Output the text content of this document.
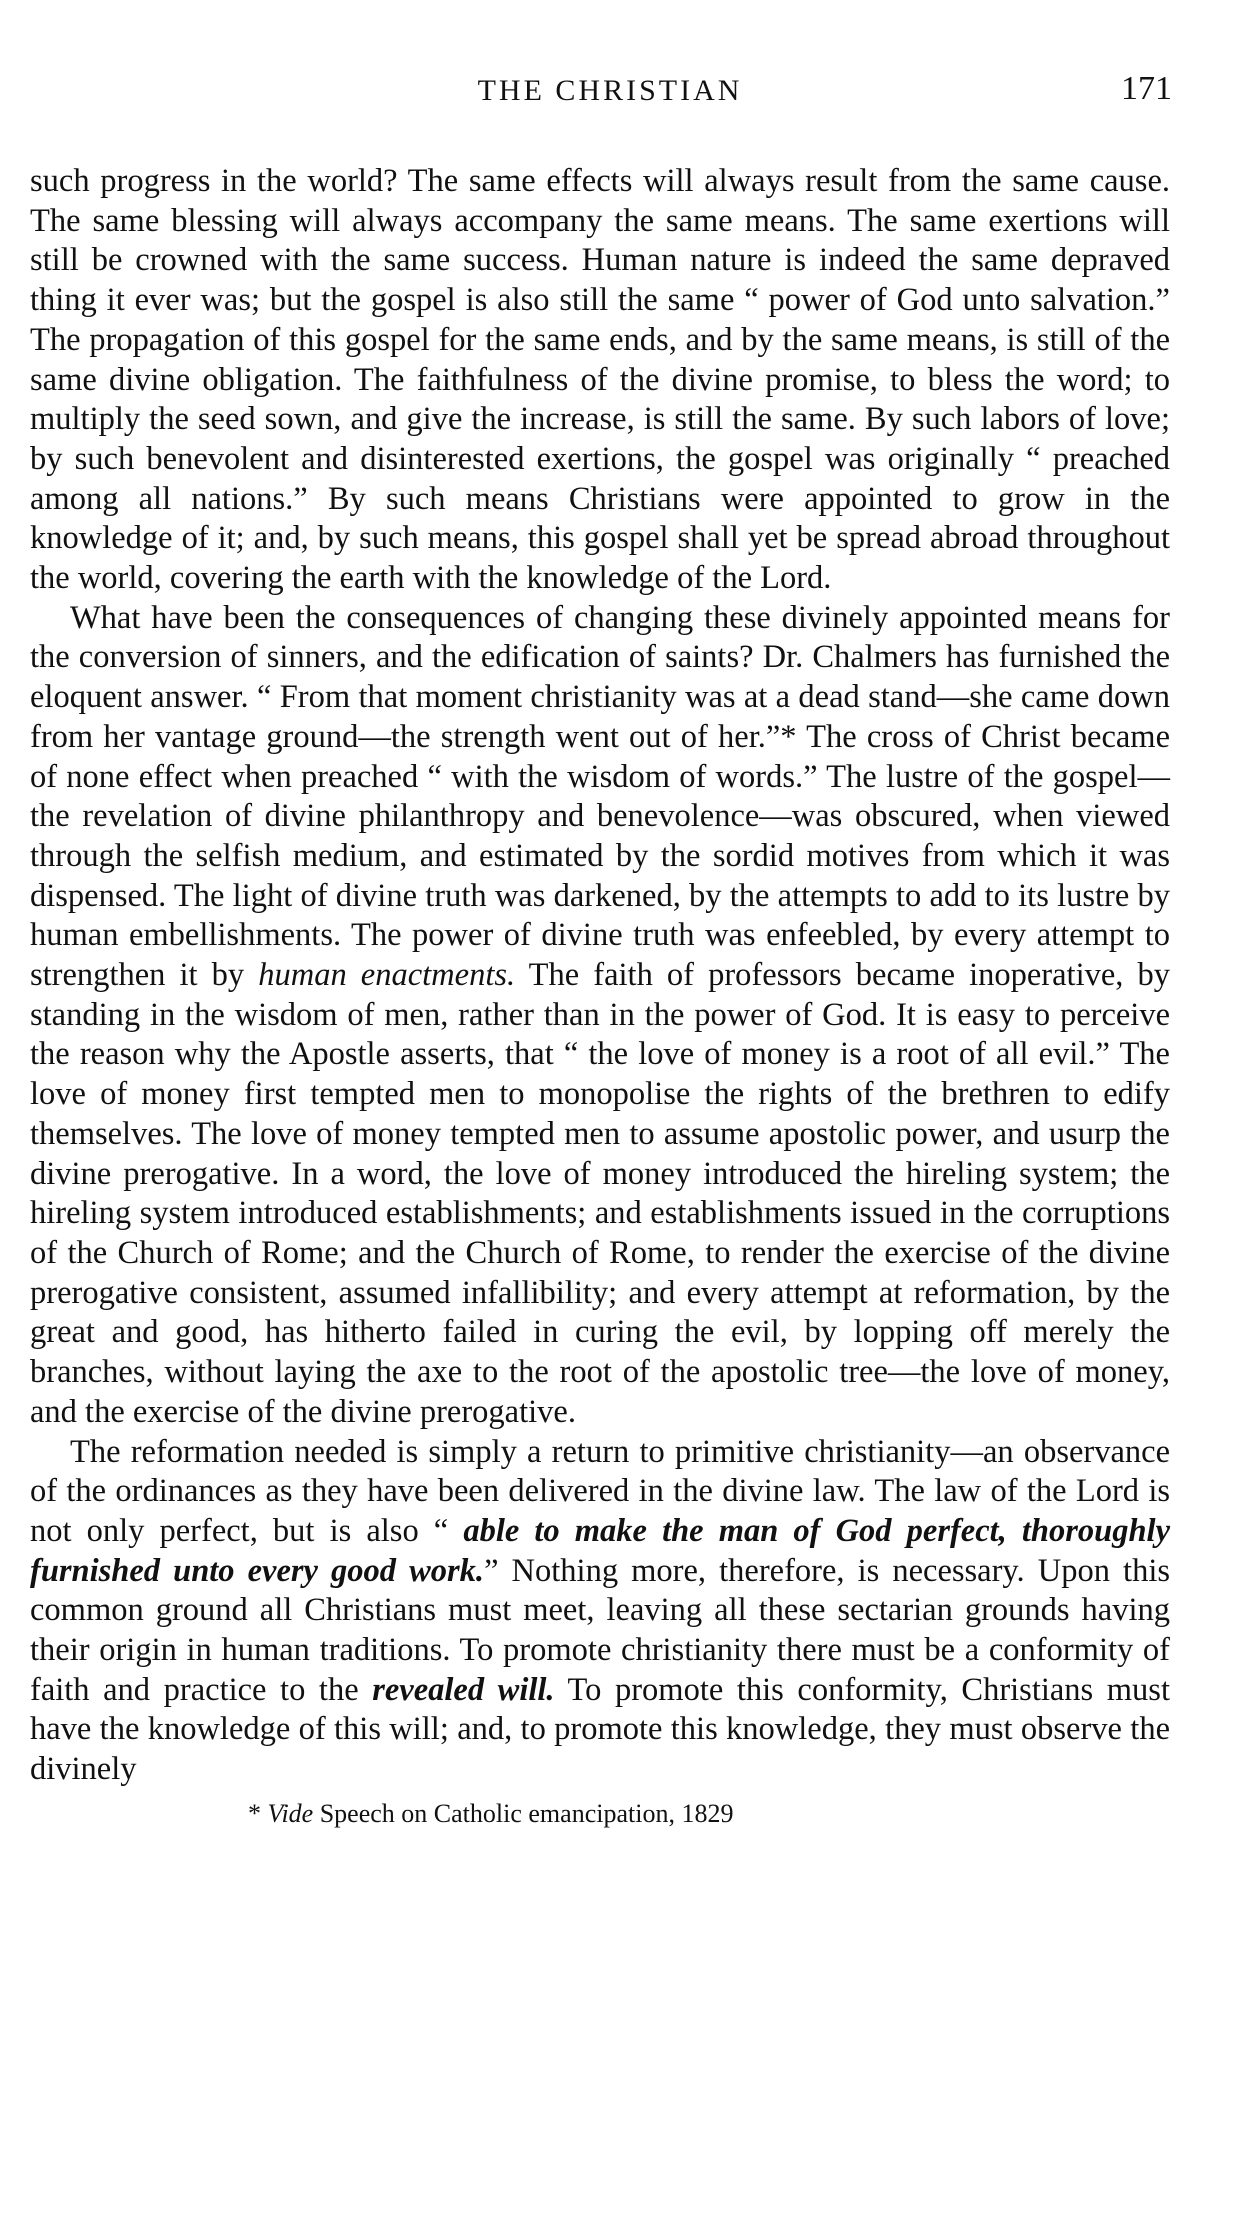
THE CHRISTIAN	171

such progress in the world? The same effects will always result from the same cause. The same blessing will always accompany the same means. The same exertions will still be crowned with the same success. Human nature is indeed the same depraved thing it ever was; but the gospel is also still the same “ power of God unto salvation.” The propagation of this gospel for the same ends, and by the same means, is still of the same divine obligation. The faithfulness of the divine promise, to bless the word; to multiply the seed sown, and give the increase, is still the same. By such labors of love; by such benevolent and disinterested exertions, the gospel was originally “ preached among all nations.” By such means Christians were appointed to grow in the knowledge of it; and, by such means, this gospel shall yet be spread abroad throughout the world, covering the earth with the knowledge of the Lord.

What have been the consequences of changing these divinely appointed means for the conversion of sinners, and the edification of saints? Dr. Chalmers has furnished the eloquent answer. “ From that moment christianity was at a dead stand—she came down from her vantage ground—the strength went out of her.”* The cross of Christ became of none effect when preached “ with the wisdom of words.” The lustre of the gospel—the revelation of divine philanthropy and benevolence—was obscured, when viewed through the selfish medium, and estimated by the sordid motives from which it was dispensed. The light of divine truth was darkened, by the attempts to add to its lustre by human embellishments. The power of divine truth was enfeebled, by every attempt to strengthen it by human enactments. The faith of professors became inoperative, by standing in the wisdom of men, rather than in the power of God. It is easy to perceive the reason why the Apostle asserts, that “ the love of money is a root of all evil.” The love of money first tempted men to monopolise the rights of the brethren to edify themselves. The love of money tempted men to assume apostolic power, and usurp the divine prerogative. In a word, the love of money introduced the hireling system; the hireling system introduced establishments; and establishments issued in the corruptions of the Church of Rome; and the Church of Rome, to render the exercise of the divine prerogative consistent, assumed infallibility; and every attempt at reformation, by the great and good, has hitherto failed in curing the evil, by lopping off merely the branches, without laying the axe to the root of the apostolic tree—the love of money, and the exercise of the divine prerogative.

The reformation needed is simply a return to primitive christianity—an observance of the ordinances as they have been delivered in the divine law. The law of the Lord is not only perfect, but is also “ able to make the man of God perfect, thoroughly furnished unto every good work.” Nothing more, therefore, is necessary. Upon this common ground all Christians must meet, leaving all these sectarian grounds having their origin in human traditions. To promote christianity there must be a conformity of faith and practice to the revealed will. To promote this conformity, Christians must have the knowledge of this will; and, to promote this knowledge, they must observe the divinely

* Vide Speech on Catholic emancipation, 1829
